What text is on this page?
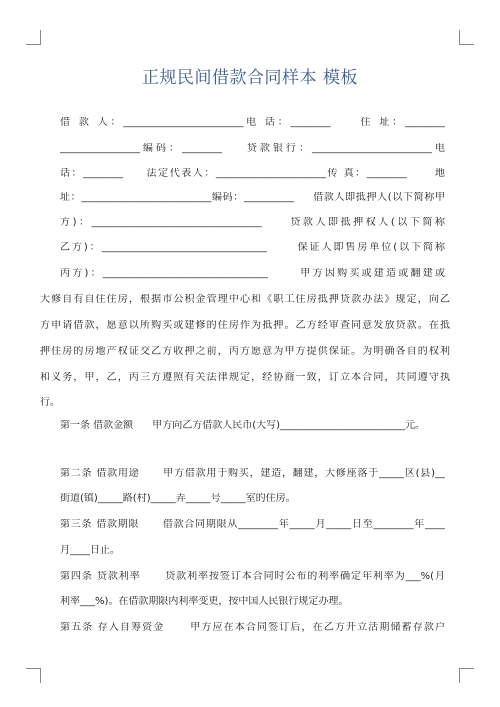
正规民间借款合同样本 模板
借 款 人：________________________电 话：________     住 址：________
________________编码：________    贷款银行：________________________电
话：________     法定代表人：______________________传 真：________      地
址：__________________________编码：__________     借款人即抵押人(以下简称甲
方)：__________________________________     贷款人即抵押权人(以下简称
乙方)：_________________________________      保证人即售房单位(以下简称
丙方)：_________________________________      甲方因购买或建造或翻建或
大修自有自住住房，根据市公积金管理中心和《职工住房抵押贷款办法》规定，向乙
方申请借款，愿意以所购买或建修的住房作为抵押。乙方经审查同意发放贷款。在抵
押住房的房地产权证交乙方收押之前，丙方愿意为甲方提供保证。为明确各自的权利
和义务，甲，乙，丙三方遵照有关法律规定，经协商一致，订立本合同，共同遵守执
行。
第一条 借款金额      甲方向乙方借款人民币(大写)_________________________元。
第二条 借款用途      甲方借款用于购买，建造，翻建，大修座落于_____区(县)__
街道(镇)_____路(村)_____弄_____号_____室的住房。
第三条 借款期限      借款合同期限从________年_____月_____日至________年____
月____日止。
第四条 贷款利率      贷款利率按签订本合同时公布的利率确定年利率为___%(月
利率___%)。在借款期限内利率变更，按中国人民银行规定办理。
第五条 存入自筹资金      甲方应在本合同签订后，在乙方开立活期储蓄存款户
